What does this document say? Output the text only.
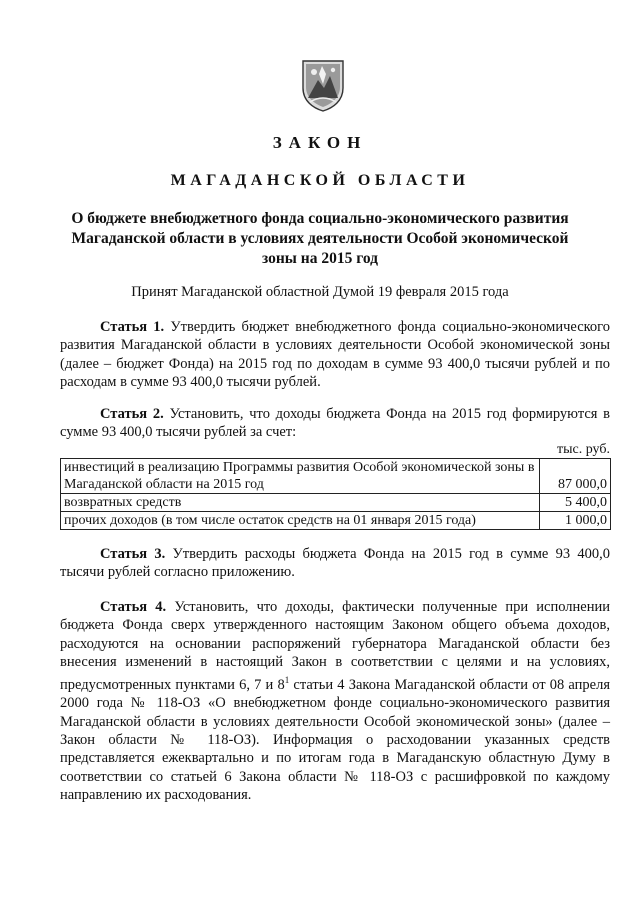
ЗАКОН
МАГАДАНСКОЙ ОБЛАСТИ
О бюджете внебюджетного фонда социально-экономического развития Магаданской области в условиях деятельности Особой экономической зоны на 2015 год
Принят Магаданской областной Думой 19 февраля 2015 года

Статья 1. Утвердить бюджет внебюджетного фонда социально-экономического развития Магаданской области в условиях деятельности Особой экономической зоны (далее – бюджет Фонда) на 2015 год по доходам в сумме 93 400,0 тысячи рублей и по расходам в сумме 93 400,0 тысячи рублей.

Статья 2. Установить, что доходы бюджета Фонда на 2015 год формируются в сумме 93 400,0 тысячи рублей за счет:

тыс. руб.
инвестиций в реализацию Программы развития Особой экономической зоны в Магаданской области на 2015 год	87 000,0
возвратных средств	5 400,0
прочих доходов (в том числе остаток средств на 01 января 2015 года)	1 000,0

Статья 3. Утвердить расходы бюджета Фонда на 2015 год в сумме 93 400,0 тысячи рублей согласно приложению.

Статья 4. Установить, что доходы, фактически полученные при исполнении бюджета Фонда сверх утвержденного настоящим Законом общего объема доходов, расходуются на основании распоряжений губернатора Магаданской области без внесения изменений в настоящий Закон в соответствии с целями и на условиях, предусмотренных пунктами 6, 7 и $8^1$ статьи 4 Закона Магаданской области от 08 апреля 2000 года № 118-ОЗ «О внебюджетном фонде социально-экономического развития Магаданской области в условиях деятельности Особой экономической зоны» (далее – Закон области № 118-ОЗ). Информация о расходовании указанных средств представляется ежеквартально и по итогам года в Магаданскую областную Думу в соответствии со статьей 6 Закона области № 118-ОЗ с расшифровкой по каждому направлению их расходования.
